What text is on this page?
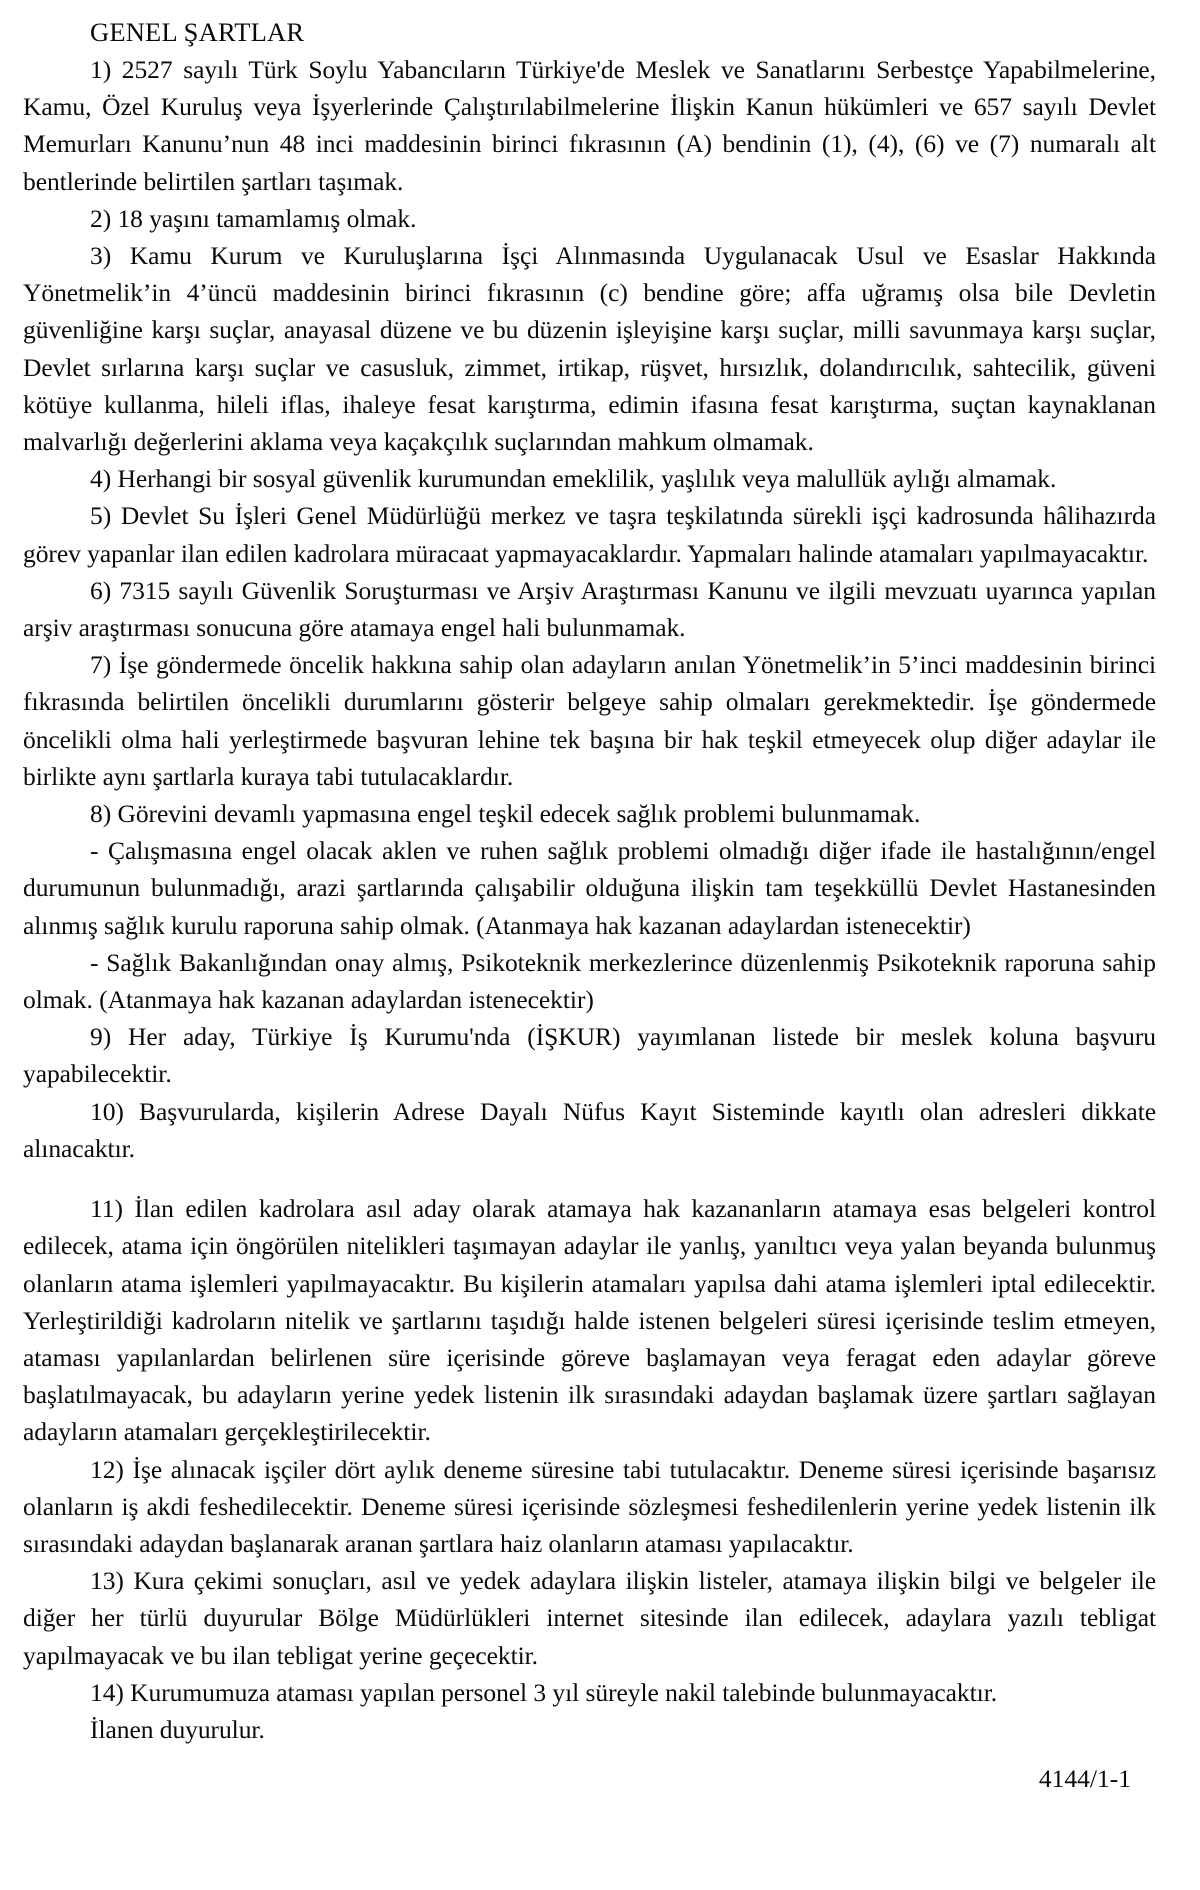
GENEL ŞARTLAR

1) 2527 sayılı Türk Soylu Yabancıların Türkiye'de Meslek ve Sanatlarını Serbestçe Yapabilmelerine, Kamu, Özel Kuruluş veya İşyerlerinde Çalıştırılabilmelerine İlişkin Kanun hükümleri ve 657 sayılı Devlet Memurları Kanunu’nun 48 inci maddesinin birinci fıkrasının (A) bendinin (1), (4), (6) ve (7) numaralı alt bentlerinde belirtilen şartları taşımak.

2) 18 yaşını tamamlamış olmak.

3) Kamu Kurum ve Kuruluşlarına İşçi Alınmasında Uygulanacak Usul ve Esaslar Hakkında Yönetmelik’in 4’üncü maddesinin birinci fıkrasının (c) bendine göre; affa uğramış olsa bile Devletin güvenliğine karşı suçlar, anayasal düzene ve bu düzenin işleyişine karşı suçlar, milli savunmaya karşı suçlar, Devlet sırlarına karşı suçlar ve casusluk, zimmet, irtikap, rüşvet, hırsızlık, dolandırıcılık, sahtecilik, güveni kötüye kullanma, hileli iflas, ihaleye fesat karıştırma, edimin ifasına fesat karıştırma, suçtan kaynaklanan malvarlığı değerlerini aklama veya kaçakçılık suçlarından mahkum olmamak.

4) Herhangi bir sosyal güvenlik kurumundan emeklilik, yaşlılık veya malullük aylığı almamak.

5) Devlet Su İşleri Genel Müdürlüğü merkez ve taşra teşkilatında sürekli işçi kadrosunda hâlihazırda görev yapanlar ilan edilen kadrolara müracaat yapmayacaklardır. Yapmaları halinde atamaları yapılmayacaktır.

6) 7315 sayılı Güvenlik Soruşturması ve Arşiv Araştırması Kanunu ve ilgili mevzuatı uyarınca yapılan arşiv araştırması sonucuna göre atamaya engel hali bulunmamak.

7) İşe göndermede öncelik hakkına sahip olan adayların anılan Yönetmelik’in 5’inci maddesinin birinci fıkrasında belirtilen öncelikli durumlarını gösterir belgeye sahip olmaları gerekmektedir. İşe göndermede öncelikli olma hali yerleştirmede başvuran lehine tek başına bir hak teşkil etmeyecek olup diğer adaylar ile birlikte aynı şartlarla kuraya tabi tutulacaklardır.

8) Görevini devamlı yapmasına engel teşkil edecek sağlık problemi bulunmamak.

- Çalışmasına engel olacak aklen ve ruhen sağlık problemi olmadığı diğer ifade ile hastalığının/engel durumunun bulunmadığı, arazi şartlarında çalışabilir olduğuna ilişkin tam teşekküllü Devlet Hastanesinden alınmış sağlık kurulu raporuna sahip olmak. (Atanmaya hak kazanan adaylardan istenecektir)

- Sağlık Bakanlığından onay almış, Psikoteknik merkezlerince düzenlenmiş Psikoteknik raporuna sahip olmak. (Atanmaya hak kazanan adaylardan istenecektir)

9) Her aday, Türkiye İş Kurumu'nda (İŞKUR) yayımlanan listede bir meslek koluna başvuru yapabilecektir.

10) Başvurularda, kişilerin Adrese Dayalı Nüfus Kayıt Sisteminde kayıtlı olan adresleri dikkate alınacaktır.

11) İlan edilen kadrolara asıl aday olarak atamaya hak kazananların atamaya esas belgeleri kontrol edilecek, atama için öngörülen nitelikleri taşımayan adaylar ile yanlış, yanıltıcı veya yalan beyanda bulunmuş olanların atama işlemleri yapılmayacaktır. Bu kişilerin atamaları yapılsa dahi atama işlemleri iptal edilecektir. Yerleştirildiği kadroların nitelik ve şartlarını taşıdığı halde istenen belgeleri süresi içerisinde teslim etmeyen, ataması yapılanlardan belirlenen süre içerisinde göreve başlamayan veya feragat eden adaylar göreve başlatılmayacak, bu adayların yerine yedek listenin ilk sırasındaki adaydan başlamak üzere şartları sağlayan adayların atamaları gerçekleştirilecektir.

12) İşe alınacak işçiler dört aylık deneme süresine tabi tutulacaktır. Deneme süresi içerisinde başarısız olanların iş akdi feshedilecektir. Deneme süresi içerisinde sözleşmesi feshedilenlerin yerine yedek listenin ilk sırasındaki adaydan başlanarak aranan şartlara haiz olanların ataması yapılacaktır.

13) Kura çekimi sonuçları, asıl ve yedek adaylara ilişkin listeler, atamaya ilişkin bilgi ve belgeler ile diğer her türlü duyurular Bölge Müdürlükleri internet sitesinde ilan edilecek, adaylara yazılı tebligat yapılmayacak ve bu ilan tebligat yerine geçecektir.

14) Kurumumuza ataması yapılan personel 3 yıl süreyle nakil talebinde bulunmayacaktır.

İlanen duyurulur.

4144/1-1
